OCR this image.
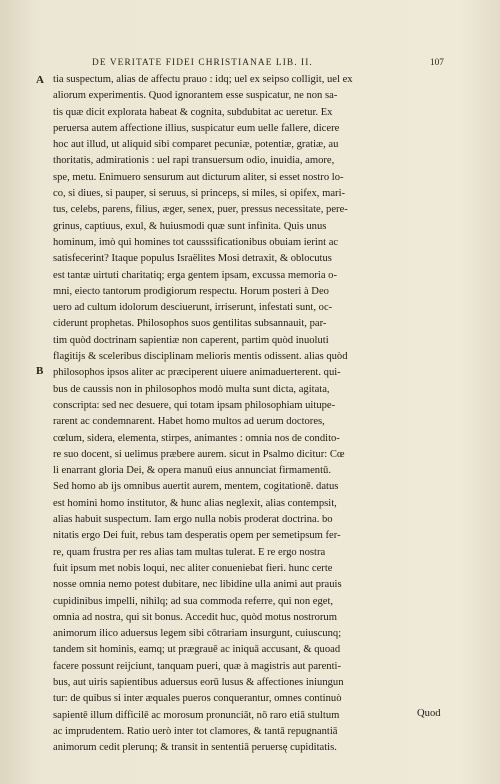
DE VERITATE FIDEI CHRISTIANAE LIB. II.	107
A
B
tia suspectum, alias de affectu prauo : idq; uel ex seipso colligit, uel ex
aliorum experimentis. Quod ignorantem esse suspicatur, ne non sa-
tis quæ dicit explorata habeat & cognita, subdubitat ac ueretur. Ex
peruersa autem affectione illius, suspicatur eum uelle fallere, dicere
hoc aut illud, ut aliquid sibi comparet pecuniæ, potentiæ, gratiæ, au
thoritatis, admirationis : uel rapi transuersum odio, inuidia, amore,
spe, metu. Enimuero sensurum aut dicturum aliter, si esset nostro lo-
co, si diues, si pauper, si seruus, si princeps, si miles, si opifex, mari-
tus, celebs, parens, filius, æger, senex, puer, pressus necessitate, pere-
grinus, captiuus, exul, & huiusmodi quæ sunt infinita. Quis unus
hominum, imò qui homines tot causssificationibus obuiam ierint ac
satisfecerint? Itaque populus Israëlites Mosi detraxit, & oblocutus
est tantæ uirtuti charitatiq; erga gentem ipsam, excussa memoria o-
mni, eiecto tantorum prodigiorum respectu. Horum posteri à Deo
uero ad cultum idolorum desciuerunt, irriserunt, infestati sunt, oc-
ciderunt prophetas. Philosophos suos gentilitas subsannauit, par-
tim quòd doctrinam sapientiæ non caperent, partim quòd inuoluti
flagitijs & sceleribus disciplinam melioris mentis odissent. alias quòd
philosophos ipsos aliter ac præciperent uiuere animaduerterent. qui-
bus de caussis non in philosophos modò multa sunt dicta, agitata,
conscripta: sed nec desuere, qui totam ipsam philosophiam uitupe-
rarent ac condemnarent. Habet homo multos ad uerum doctores,
cœlum, sidera, elementa, stirpes, animantes : omnia nos de condito-
re suo docent, si uelimus præbere aurem. sicut in Psalmo dicitur: Cœ
li enarrant gloria Dei, & opera manuū eius annunciat firmamentū.
Sed homo ab ijs omnibus auertit aurem, mentem, cogitationē. datus
est homini homo institutor, & hunc alias neglexit, alias contempsit,
alias habuit suspectum. Iam ergo nulla nobis proderat doctrina. bo
nitatis ergo Dei fuit, rebus tam desperatis opem per semetipsum fer-
re, quam frustra per res alias tam multas tulerat. E re ergo nostra
fuit ipsum met nobis loqui, nec aliter conueniebat fieri. hunc certe
nosse omnia nemo potest dubitare, nec libidine ulla animi aut prauis
cupidinibus impelli, nihilq; ad sua commoda referre, qui non eget,
omnia ad nostra, qui sit bonus. Accedit huc, quòd motus nostrorum
animorum ilico aduersus legem sibi cōtrariam insurgunt, cuiuscunq;
tandem sit hominis, eamq; ut prægrauē ac iniquā accusant, & quoad
facere possunt reijciunt, tanquam pueri, quæ à magistris aut parenti-
bus, aut uiris sapientibus aduersus eorū lusus & affectiones iniungun
tur: de quibus si inter æquales pueros conquerantur, omnes continuò
sapientē illum difficilē ac morosum pronunciāt, nō raro etiā stultum
ac imprudentem. Ratio uerò inter tot clamores, & tantā repugnantiā
animorum cedit plerunq; & transit in sententiā peruersę cupiditatis.
Quod
